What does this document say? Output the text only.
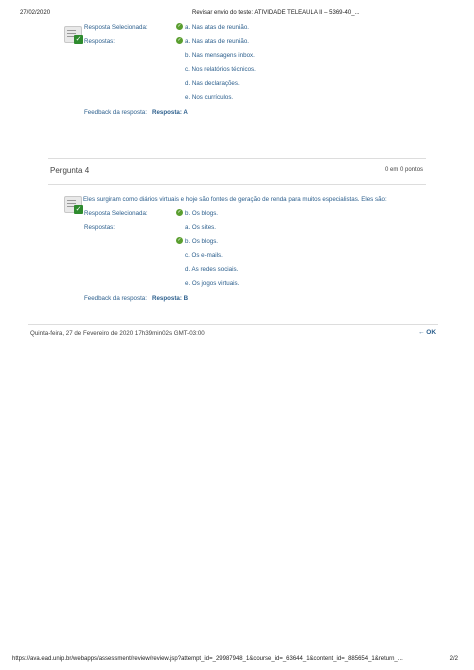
27/02/2020	Revisar envio do teste: ATIVIDADE TELEAULA II – 5369-40_...
✓
Resposta Selecionada:	✓ a. Nas atas de reunião.
Respostas:	✓ a. Nas atas de reunião.
b. Nas mensagens inbox.
c. Nos relatórios técnicos.
d. Nas declarações.
e. Nos currículos.
Feedback da resposta: Resposta: A
Pergunta 4	0 em 0 pontos
✓
Eles surgiram como diários virtuais e hoje são fontes de geração de renda para muitos especialistas. Eles são:
Resposta Selecionada:	✓ b. Os blogs.
Respostas:	a. Os sites.
✓ b. Os blogs.
c. Os e-mails.
d. As redes sociais.
e. Os jogos virtuais.
Feedback da resposta: Resposta: B
Quinta-feira, 27 de Fevereiro de 2020 17h39min02s GMT-03:00	← OK
https://ava.ead.unip.br/webapps/assessment/review/review.jsp?attempt_id=_29987948_1&course_id=_63644_1&content_id=_885654_1&return_...	2/2
